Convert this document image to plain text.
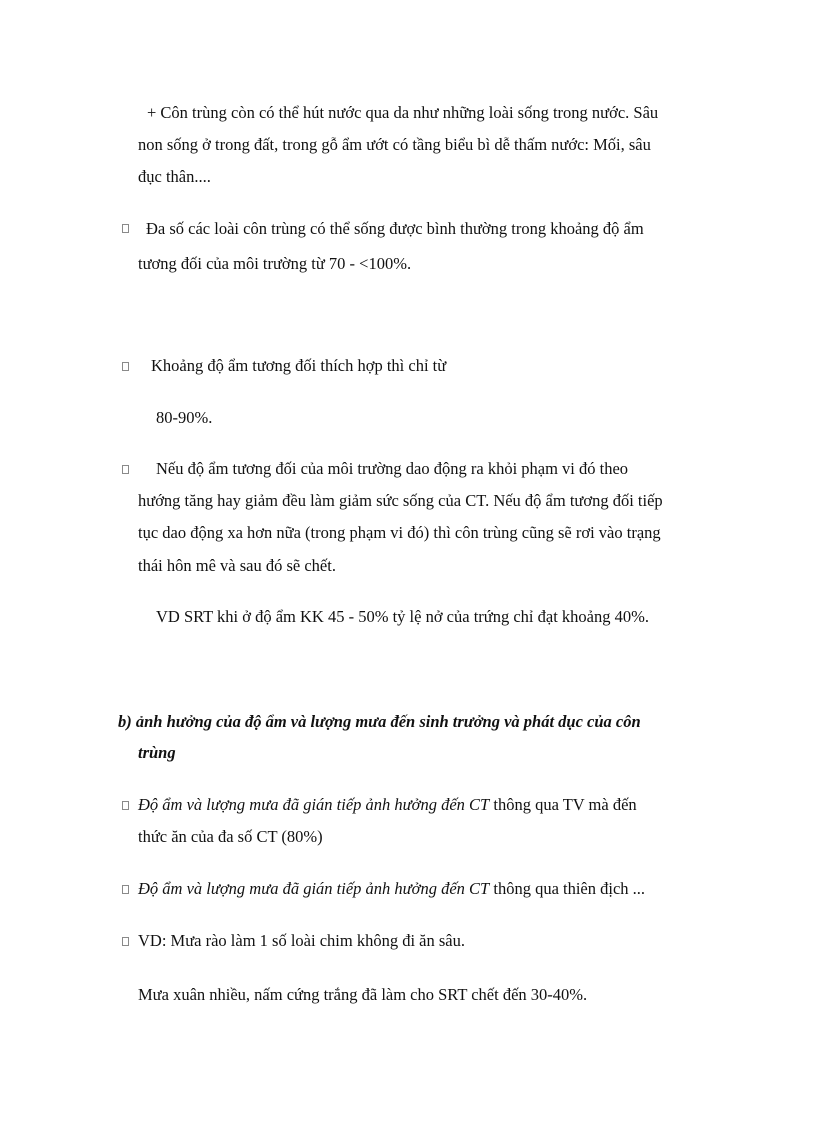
+ Côn trùng còn có thể hút nước qua da như những loài sống trong nước. Sâu
non sống ở trong đất, trong gỗ ẩm ướt có tầng biểu bì dễ thấm nước: Mối, sâu
đục thân....
Đa số các loài côn trùng có thể sống được bình thường trong khoảng độ ẩm
tương đối của môi trường từ 70 - <100%.
Khoảng độ ẩm tương đối thích hợp thì chỉ từ
80-90%.
Nếu độ ẩm tương đối của môi trường dao động ra khỏi phạm vi đó theo
hướng tăng hay giảm đều làm giảm sức sống của CT. Nếu độ ẩm tương đối tiếp
tục dao động xa hơn nữa (trong phạm vi đó) thì côn trùng cũng sẽ rơi vào trạng
thái hôn mê và sau đó sẽ chết.
VD SRT khi ở độ ẩm KK 45 - 50% tỷ lệ nở của trứng chỉ đạt khoảng 40%.
b) ảnh hưởng của độ ẩm và lượng mưa đến sinh trưởng và phát dục của côn
trùng
Độ ẩm và lượng mưa đã gián tiếp ảnh hưởng đến CT thông qua TV mà đến
thức ăn của đa số CT (80%)
Độ ẩm và lượng mưa đã gián tiếp ảnh hưởng đến CT thông qua thiên địch ...
VD: Mưa rào làm 1 số loài chim không đi ăn sâu.
Mưa xuân nhiều, nấm cứng trắng đã làm cho SRT chết đến 30-40%.
